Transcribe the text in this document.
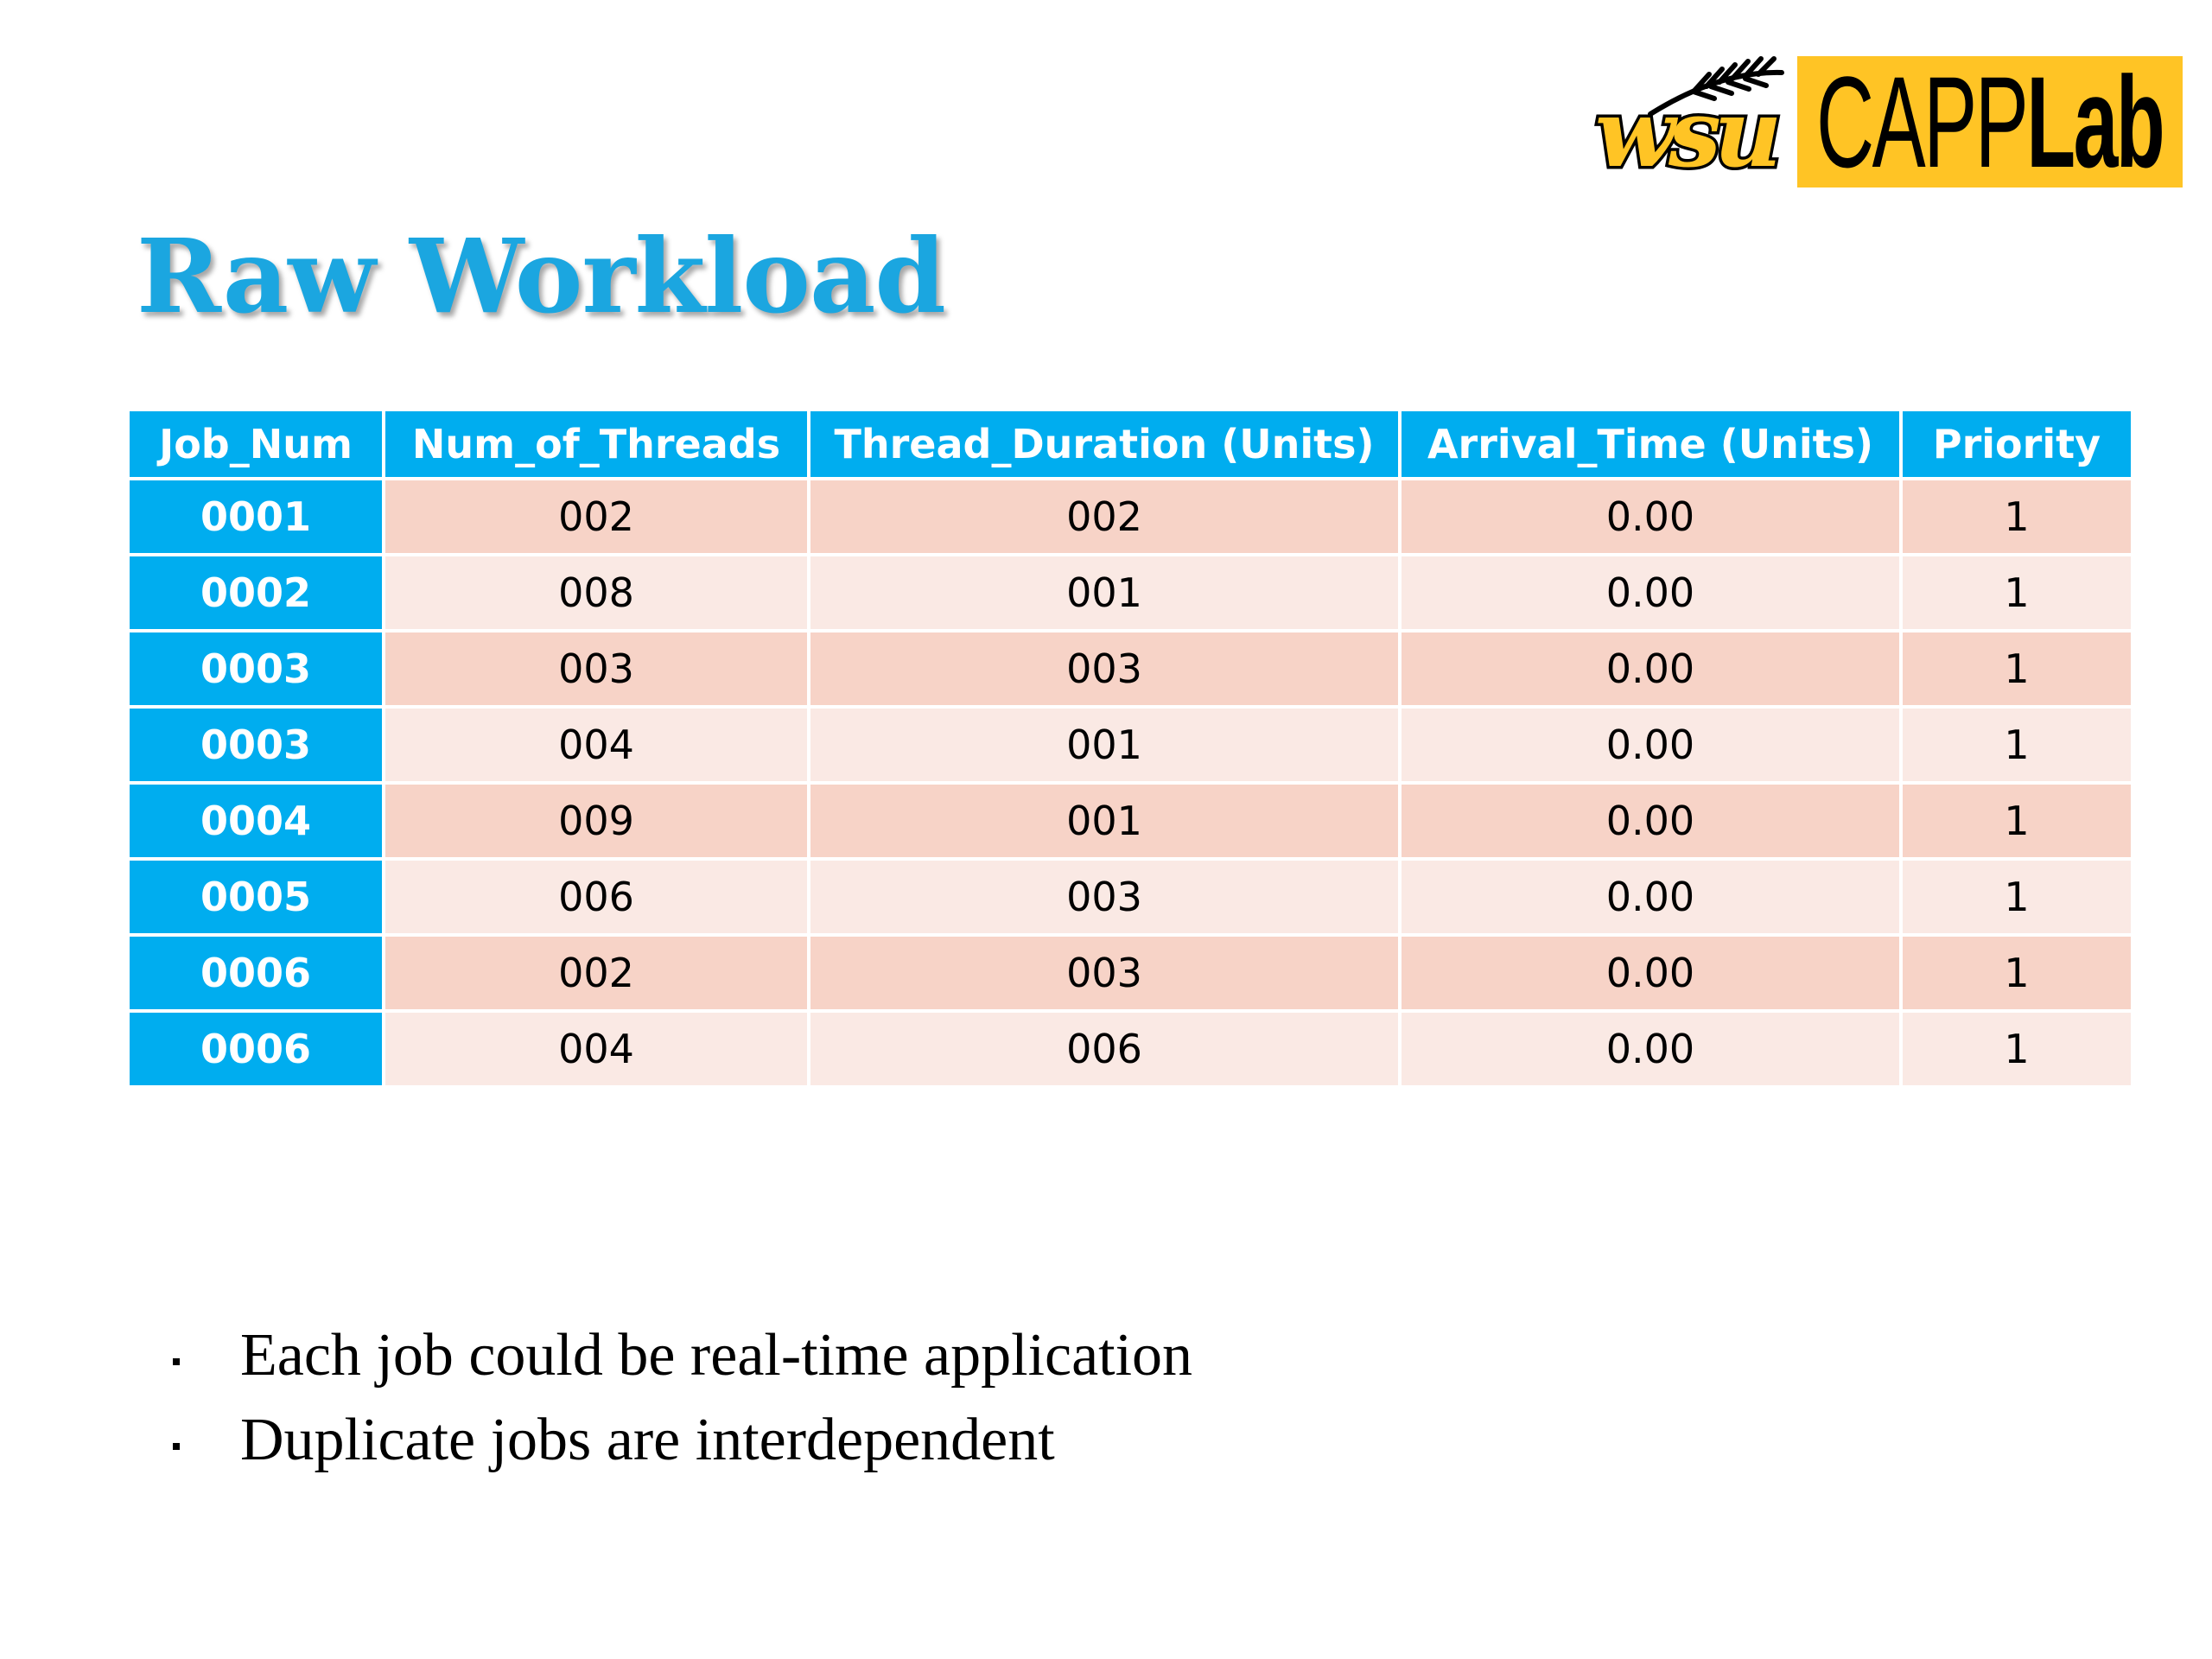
wsu CAPPLab
Raw Workload
Job_Num	Num_of_Threads	Thread_Duration (Units)	Arrival_Time (Units)	Priority
0001	002	002	0.00	1
0002	008	001	0.00	1
0003	003	003	0.00	1
0003	004	001	0.00	1
0004	009	001	0.00	1
0005	006	003	0.00	1
0006	002	003	0.00	1
0006	004	006	0.00	1
Each job could be real-time application
Duplicate jobs are interdependent
